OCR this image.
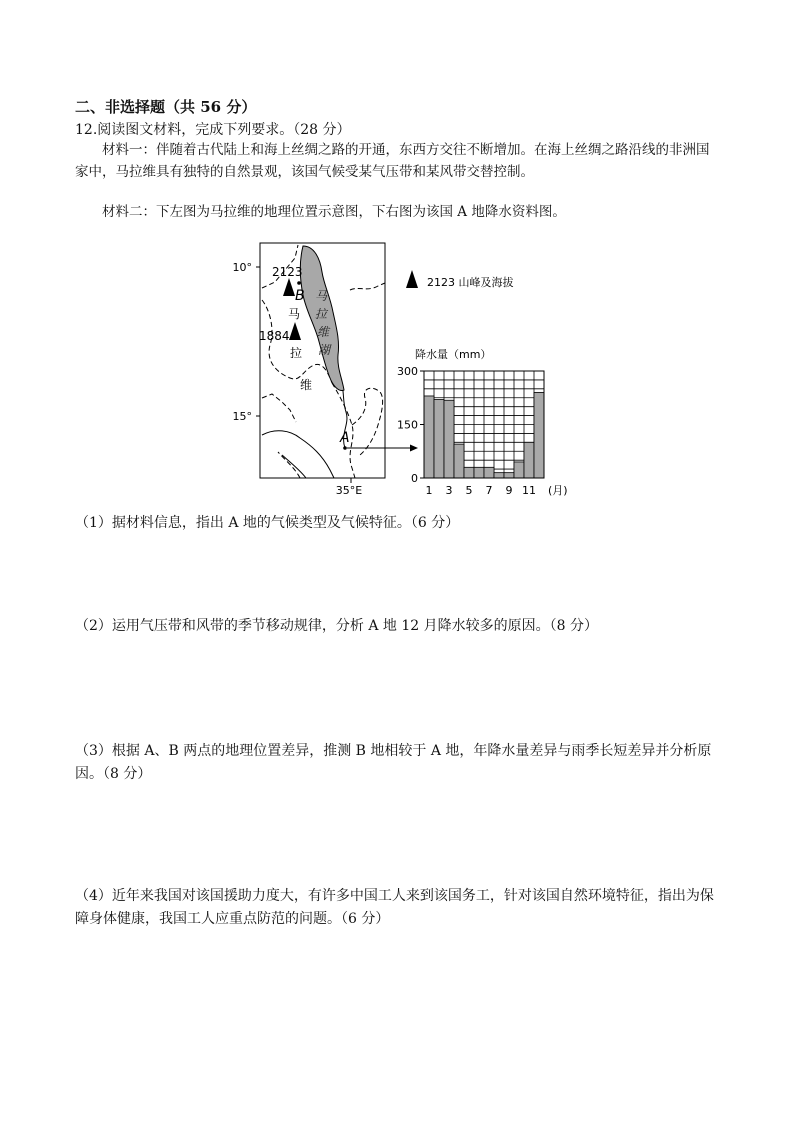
二、非选择题（共 56 分）
12.阅读图文材料，完成下列要求。（28 分）
材料一：伴随着古代陆上和海上丝绸之路的开通，东西方交往不断增加。在海上丝绸之路沿线的非洲国家中，马拉维具有独特的自然景观，该国气候受某气压带和某风带交替控制。
材料二：下左图为马拉维的地理位置示意图，下右图为该国 A 地降水资料图。
10°
15°
35°E
马
拉
维
湖
2123
1884
B
马
拉
维
A
2123 山峰及海拔
降水量（mm）
0
150
300
1 3 5 7 9 11 (月)
（1）据材料信息，指出 A 地的气候类型及气候特征。（6 分）
（2）运用气压带和风带的季节移动规律，分析 A 地 12 月降水较多的原因。（8 分）
（3）根据 A、B 两点的地理位置差异，推测 B 地相较于 A 地，年降水量差异与雨季长短差异并分析原因。（8 分）
（4）近年来我国对该国援助力度大，有许多中国工人来到该国务工，针对该国自然环境特征，指出为保障身体健康，我国工人应重点防范的问题。（6 分）
